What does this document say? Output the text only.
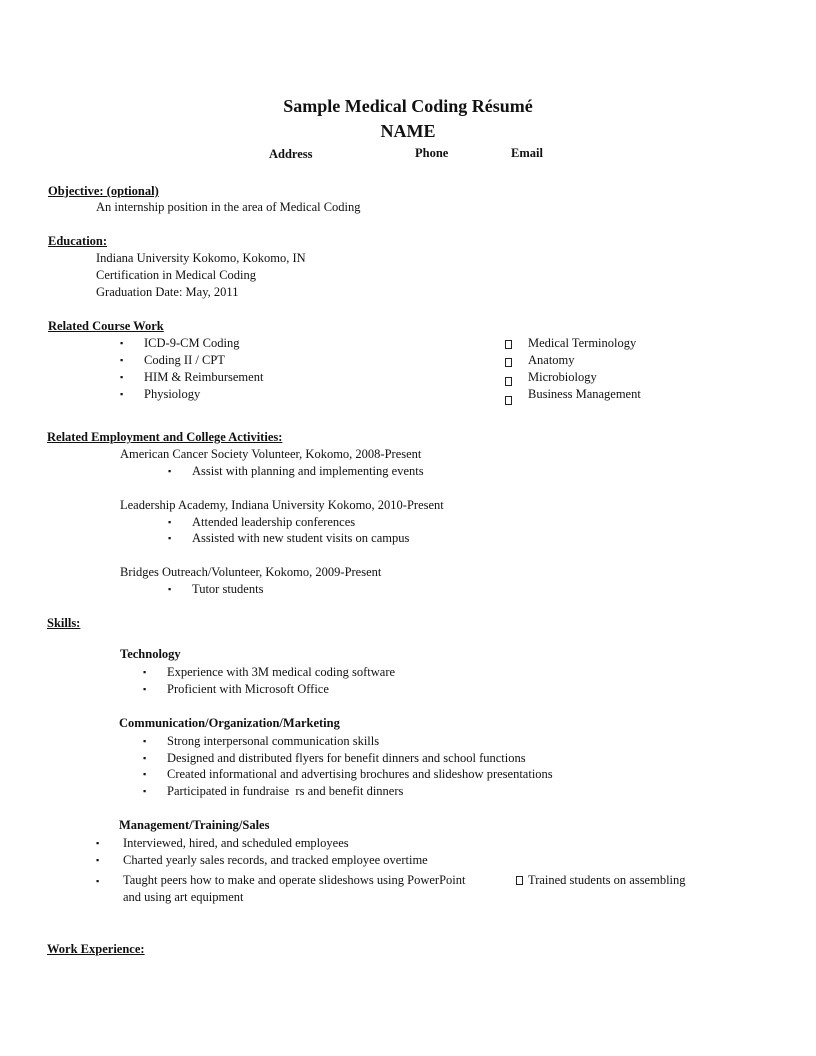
Sample Medical Coding Résumé
NAME
Address	Phone	Email
Objective: (optional)
An internship position in the area of Medical Coding
Education:
Indiana University Kokomo, Kokomo, IN
Certification in Medical Coding
Graduation Date: May, 2011
Related Course Work
▪ ICD-9-CM Coding
▪ Coding II / CPT
▪ HIM & Reimbursement
▪ Physiology
Medical Terminology
Anatomy
Microbiology
Business Management
Related Employment and College Activities:
American Cancer Society Volunteer, Kokomo, 2008-Present
▪ Assist with planning and implementing events
Leadership Academy, Indiana University Kokomo, 2010-Present
▪ Attended leadership conferences
▪ Assisted with new student visits on campus
Bridges Outreach/Volunteer, Kokomo, 2009-Present
▪ Tutor students
Skills:
Technology
▪ Experience with 3M medical coding software
▪ Proficient with Microsoft Office
Communication/Organization/Marketing
▪ Strong interpersonal communication skills
▪ Designed and distributed flyers for benefit dinners and school functions
▪ Created informational and advertising brochures and slideshow presentations
▪ Participated in fundraise  rs and benefit dinners
Management/Training/Sales
▪ Interviewed, hired, and scheduled employees
▪ Charted yearly sales records, and tracked employee overtime
▪ Taught peers how to make and operate slideshows using PowerPoint	Trained students on assembling
and using art equipment
Work Experience:
